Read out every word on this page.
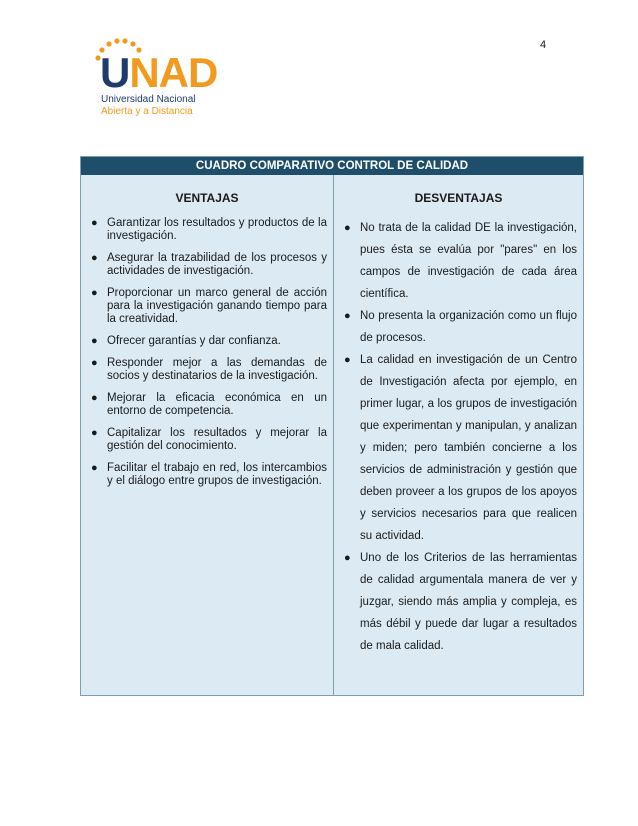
4
UNAD
Universidad Nacional
Abierta y a Distancia
CUADRO COMPARATIVO CONTROL DE CALIDAD
VENTAJAS
● Garantizar los resultados y productos de la investigación.
● Asegurar la trazabilidad de los procesos y actividades de investigación.
● Proporcionar un marco general de acción para la investigación ganando tiempo para la creatividad.
● Ofrecer garantías y dar confianza.
● Responder mejor a las demandas de socios y destinatarios de la investigación.
● Mejorar la eficacia económica en un entorno de competencia.
● Capitalizar los resultados y mejorar la gestión del conocimiento.
● Facilitar el trabajo en red, los intercambios y el diálogo entre grupos de investigación.
DESVENTAJAS
● No trata de la calidad DE la investigación, pues ésta se evalúa por "pares" en los campos de investigación de cada área científica.
● No presenta la organización como un flujo de procesos.
● La calidad en investigación de un Centro de Investigación afecta por ejemplo, en primer lugar, a los grupos de investigación que experimentan y manipulan, y analizan y miden; pero también concierne a los servicios de administración y gestión que deben proveer a los grupos de los apoyos y servicios necesarios para que realicen su actividad.
● Uno de los Criterios de las herramientas de calidad argumentala manera de ver y juzgar, siendo más amplia y compleja, es más débil y puede dar lugar a resultados de mala calidad.
